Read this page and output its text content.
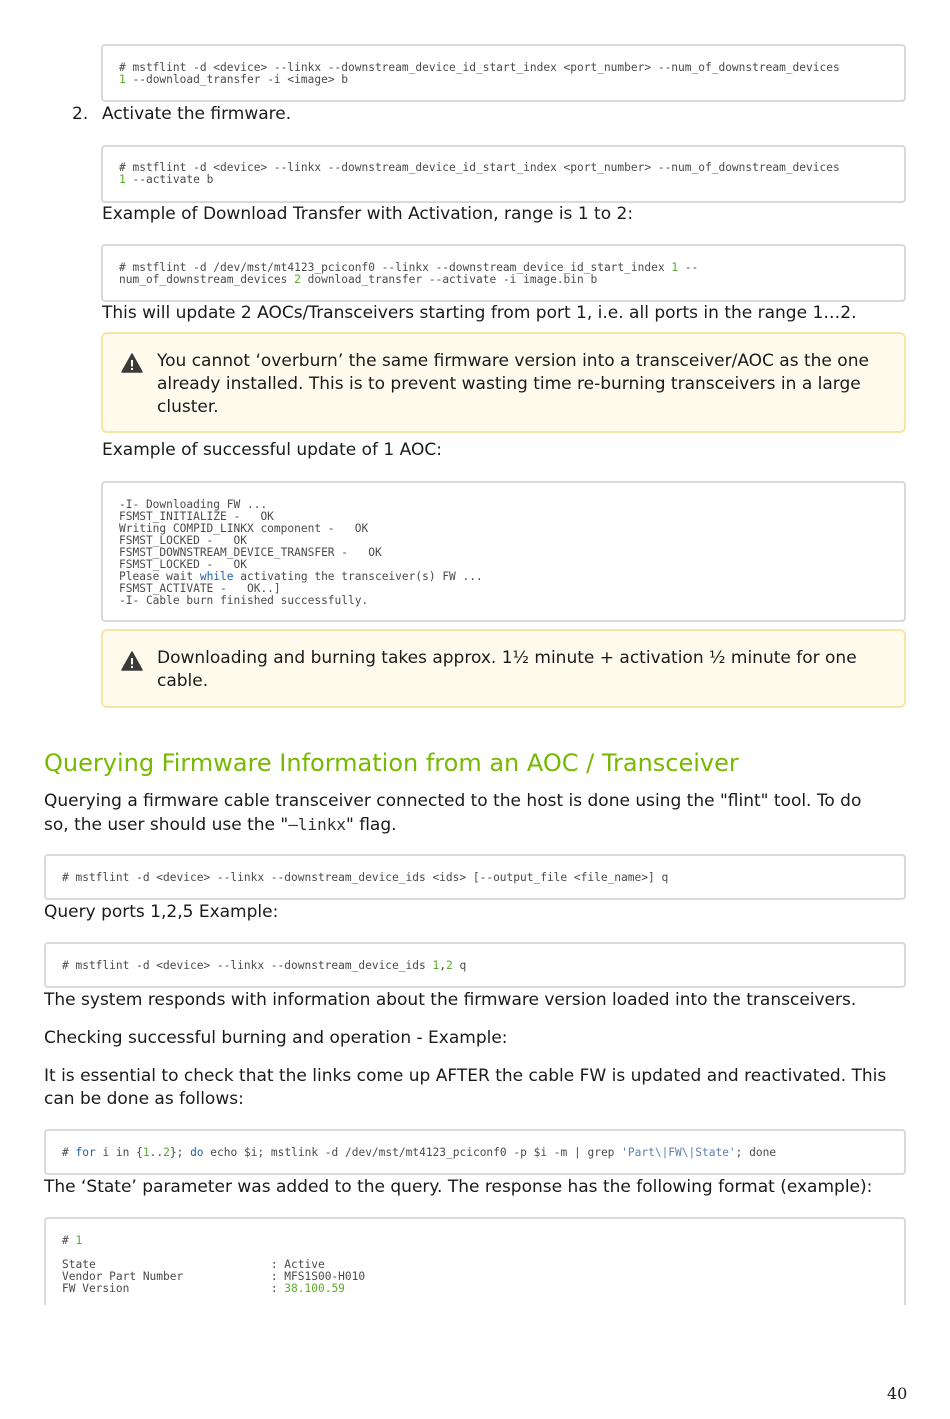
# mstflint -d <device> --linkx --downstream_device_id_start_index <port_number> --num_of_downstream_devices
1 --download_transfer -i <image> b
2. Activate the firmware.
# mstflint -d <device> --linkx --downstream_device_id_start_index <port_number> --num_of_downstream_devices
1 --activate b
Example of Download Transfer with Activation, range is 1 to 2:
# mstflint -d /dev/mst/mt4123_pciconf0 --linkx --downstream_device_id_start_index 1 --
num_of_downstream_devices 2 download_transfer --activate -i image.bin b
This will update 2 AOCs/Transceivers starting from port 1, i.e. all ports in the range 1…2.
You cannot ‘overburn’ the same firmware version into a transceiver/AOC as the one
already installed. This is to prevent wasting time re-burning transceivers in a large
cluster.
Example of successful update of 1 AOC:
-I- Downloading FW ...
FSMST_INITIALIZE -   OK
Writing COMPID_LINKX component -   OK
FSMST_LOCKED -   OK
FSMST_DOWNSTREAM_DEVICE_TRANSFER -   OK
FSMST_LOCKED -   OK
Please wait while activating the transceiver(s) FW ...
FSMST_ACTIVATE -   OK..]
-I- Cable burn finished successfully.
Downloading and burning takes approx. 1½ minute + activation ½ minute for one
cable.
Querying Firmware Information from an AOC / Transceiver
Querying a firmware cable transceiver connected to the host is done using the "flint" tool. To do
so, the user should use the "–linkx" flag.
# mstflint -d <device> --linkx --downstream_device_ids <ids> [--output_file <file_name>] q
Query ports 1,2,5 Example:
# mstflint -d <device> --linkx --downstream_device_ids 1,2 q
The system responds with information about the firmware version loaded into the transceivers.
Checking successful burning and operation - Example:
It is essential to check that the links come up AFTER the cable FW is updated and reactivated. This
can be done as follows:
# for i in {1..2}; do echo $i; mstlink -d /dev/mst/mt4123_pciconf0 -p $i -m | grep 'Part\|FW\|State'; done
The ‘State’ parameter was added to the query. The response has the following format (example):
# 1
State                          : Active
Vendor Part Number             : MFS1S00-H010
FW Version                     : 38.100.59
40
